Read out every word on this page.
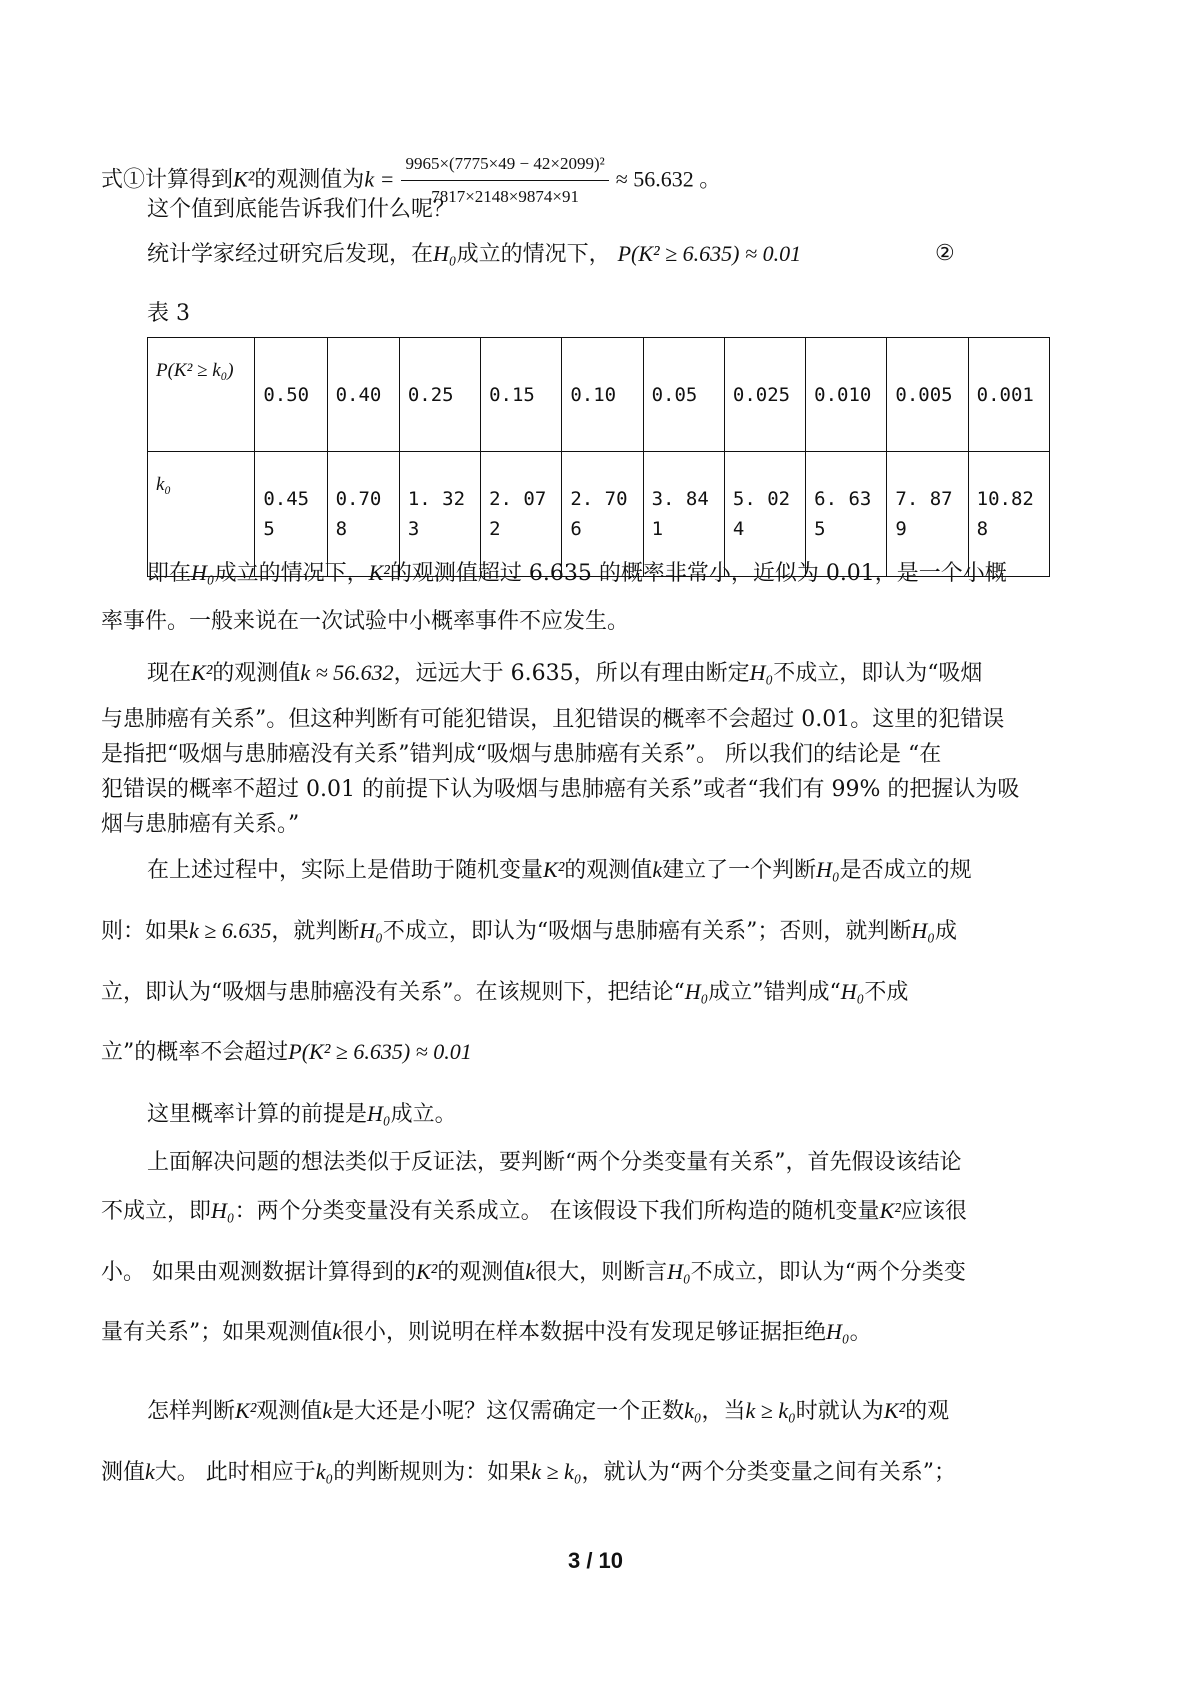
式①计算得到K²的观测值为$k = \frac{\text{9965×(7775×49 − 42×2099)²}}{7817\times 2148\times 9874\times 91} \approx 56.632$ 。
这个值到底能告诉我们什么呢？
统计学家经过研究后发现，在H₀成立的情况下， P(K² ≥ 6.635) ≈ 0.01	②
表 3
P(K² ≥ k₀)	0.50	0.40	0.25	0.15	0.10	0.05	0.025	0.010	0.005	0.001
k₀	0.455	0.708	1. 323	2. 072	2. 706	3. 841	5. 024	6. 635	7. 879	10.828
即在H₀成立的情况下，K²的观测值超过 6.635 的概率非常小，近似为 0.01，是一个小概
率事件。一般来说在一次试验中小概率事件不应发生。
现在K²的观测值k ≈ 56.632，远远大于 6.635，所以有理由断定H₀不成立，即认为“吸烟
与患肺癌有关系”。但这种判断有可能犯错误，且犯错误的概率不会超过 0.01。这里的犯错误
是指把“吸烟与患肺癌没有关系”错判成“吸烟与患肺癌有关系”。 所以我们的结论是 “在
犯错误的概率不超过 0.01 的前提下认为吸烟与患肺癌有关系”或者“我们有 99% 的把握认为吸
烟与患肺癌有关系。”
在上述过程中，实际上是借助于随机变量K²的观测值k建立了一个判断H₀是否成立的规
则：如果k ≥ 6.635，就判断H₀不成立，即认为“吸烟与患肺癌有关系”；否则，就判断H₀成
立，即认为“吸烟与患肺癌没有关系”。在该规则下，把结论“H₀成立”错判成“H₀不成
立”的概率不会超过P(K² ≥ 6.635) ≈ 0.01
这里概率计算的前提是H₀成立。
上面解决问题的想法类似于反证法，要判断“两个分类变量有关系”，首先假设该结论
不成立，即H₀：两个分类变量没有关系成立。 在该假设下我们所构造的随机变量K²应该很
小。 如果由观测数据计算得到的K²的观测值k很大，则断言H₀不成立，即认为“两个分类变
量有关系”；如果观测值k很小，则说明在样本数据中没有发现足够证据拒绝H₀。
怎样判断K²观测值k是大还是小呢？这仅需确定一个正数k₀，当k ≥ k₀时就认为K²的观
测值k大。 此时相应于k₀的判断规则为：如果k ≥ k₀，就认为“两个分类变量之间有关系”；
3 / 10
